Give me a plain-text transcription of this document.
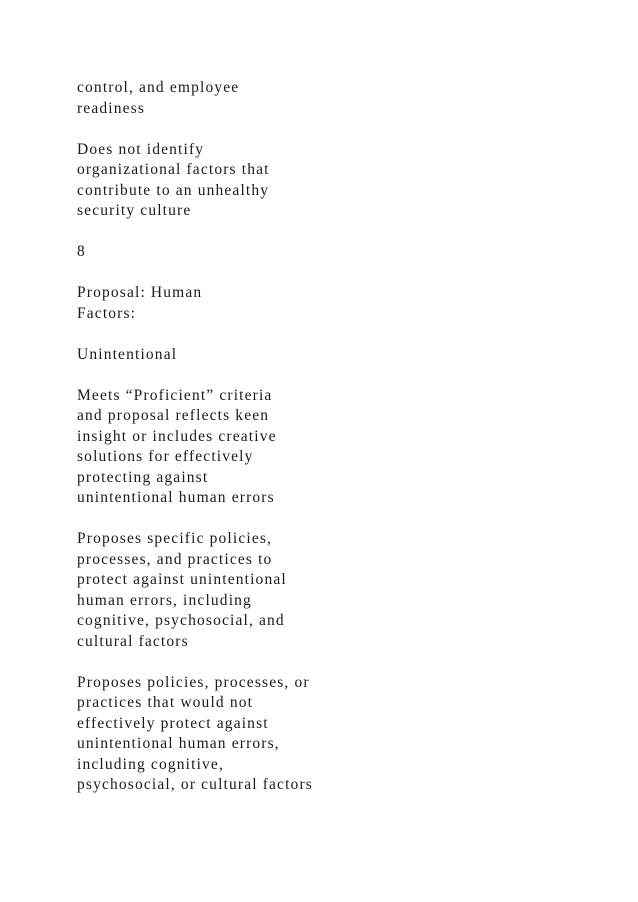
control, and employee
readiness

Does not identify
organizational factors that
contribute to an unhealthy
security culture

8

Proposal: Human
Factors:

Unintentional

Meets “Proficient” criteria
and proposal reflects keen
insight or includes creative
solutions for effectively
protecting against
unintentional human errors

Proposes specific policies,
processes, and practices to
protect against unintentional
human errors, including
cognitive, psychosocial, and
cultural factors

Proposes policies, processes, or
practices that would not
effectively protect against
unintentional human errors,
including cognitive,
psychosocial, or cultural factors
